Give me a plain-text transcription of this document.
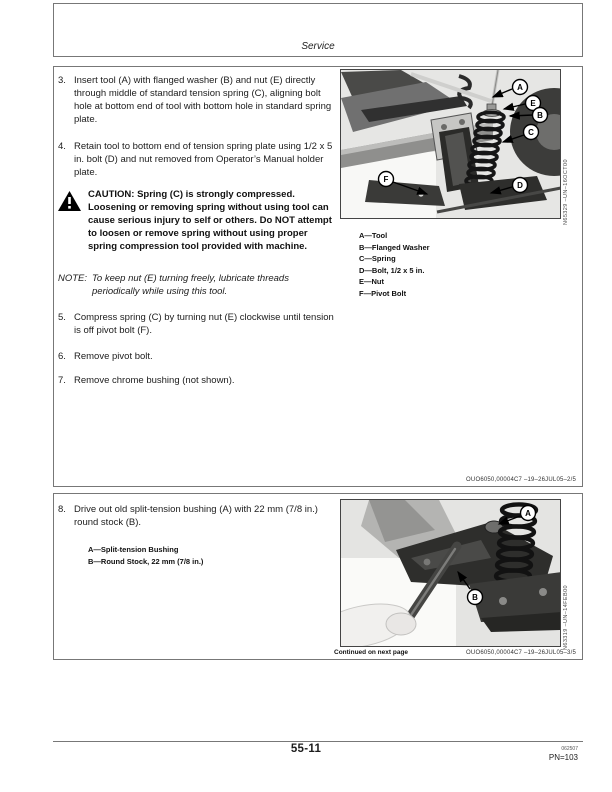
Service
3. Insert tool (A) with flanged washer (B) and nut (E) directly through middle of standard tension spring (C), aligning bolt hole at bottom end of tool with bottom hole in standard spring plate.
4. Retain tool to bottom end of tension spring plate using 1/2 x 5 in. bolt (D) and nut removed from Operator’s Manual holder plate.
CAUTION: Spring (C) is strongly compressed. Loosening or removing spring without using tool can cause serious injury to self or others. Do NOT attempt to loosen or remove spring without using proper spring compression tool provided with machine.
NOTE: To keep nut (E) turning freely, lubricate threads periodically while using this tool.
5. Compress spring (C) by turning nut (E) clockwise until tension is off pivot bolt (F).
6. Remove pivot bolt.
7. Remove chrome bushing (not shown).
A
E
B
C
F
D	N65329 –UN–16OCT00
A—Tool
B—Flanged Washer
C—Spring
D—Bolt, 1/2 x 5 in.
E—Nut
F—Pivot Bolt
OUO6050,00004C7 –19–26JUL05–2/5
8. Drive out old split-tension bushing (A) with 22 mm (7/8 in.) round stock (B).
A—Split-tension Bushing
B—Round Stock, 22 mm (7/8 in.)
A
B	N63319 –UN–14FEB00
Continued on next page	OUO6050,00004C7 –19–26JUL05–3/5
55-11	062507
PN=103
